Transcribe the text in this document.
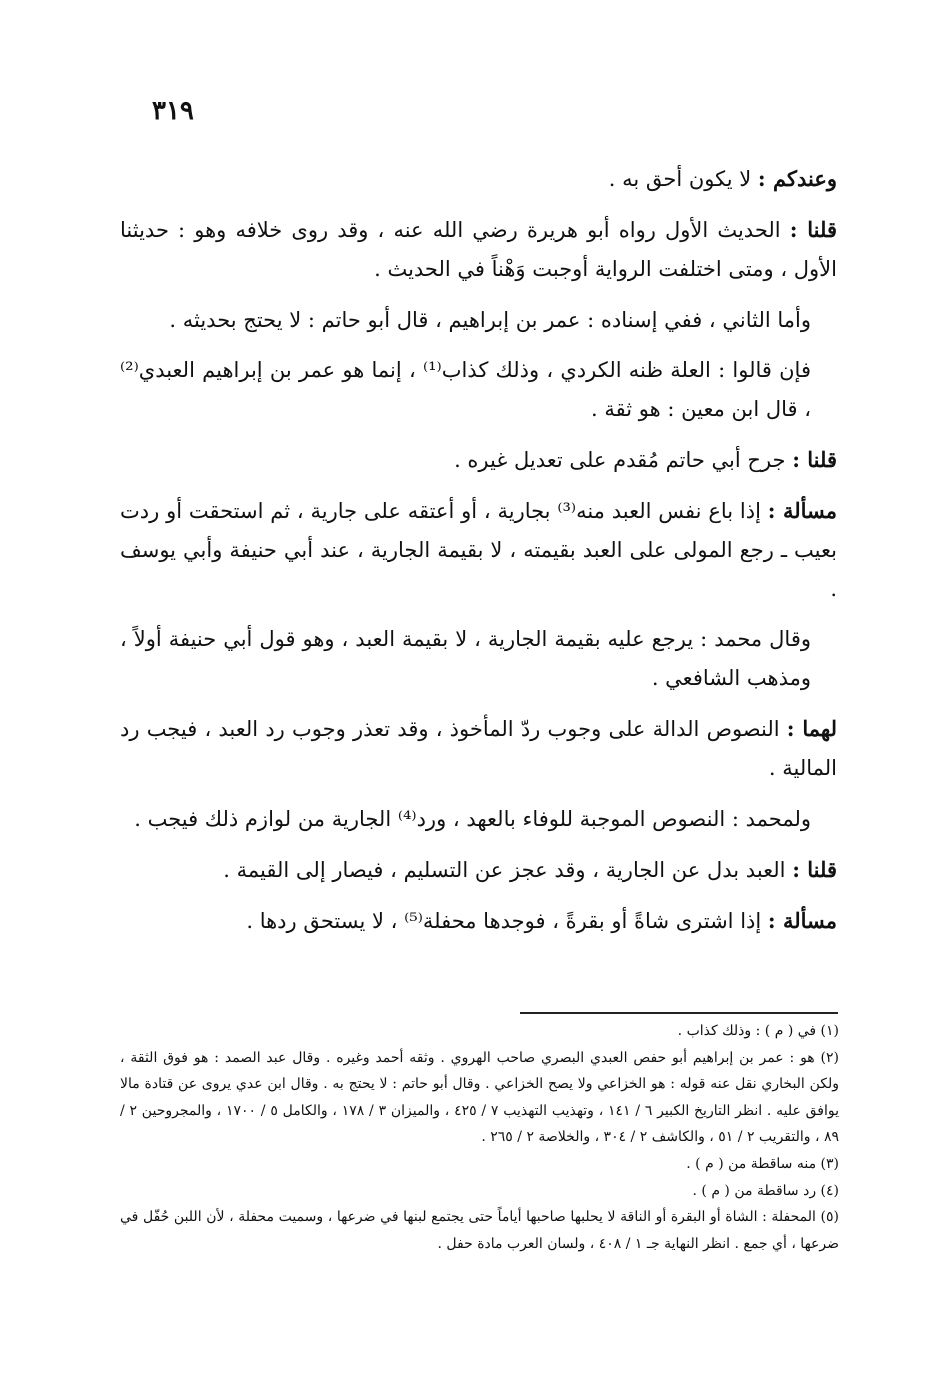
٣١٩

وعندكم : لا يكون أحق به .

قلنا : الحديث الأول رواه أبو هريرة رضي الله عنه ، وقد روى خلافه وهو : حديثنا الأول ، ومتى اختلفت الرواية أوجبت وَهْناً في الحديث .

وأما الثاني ، ففي إسناده : عمر بن إبراهيم ، قال أبو حاتم : لا يحتج بحديثه .

فإن قالوا : العلة ظنه الكردي ، وذلك كذاب⁽¹⁾ ، إنما هو عمر بن إبراهيم العبدي⁽²⁾ ، قال ابن معين : هو ثقة .

قلنا : جرح أبي حاتم مُقدم على تعديل غيره .

مسألة : إذا باع نفس العبد منه⁽³⁾ بجارية ، أو أعتقه على جارية ، ثم استحقت أو ردت بعيب ـ رجع المولى على العبد بقيمته ، لا بقيمة الجارية ، عند أبي حنيفة وأبي يوسف .

وقال محمد : يرجع عليه بقيمة الجارية ، لا بقيمة العبد ، وهو قول أبي حنيفة أولاً ، ومذهب الشافعي .

لهما : النصوص الدالة على وجوب ردّ المأخوذ ، وقد تعذر وجوب رد العبد ، فيجب رد المالية .

ولمحمد : النصوص الموجبة للوفاء بالعهد ، ورد⁽⁴⁾ الجارية من لوازم ذلك فيجب .

قلنا : العبد بدل عن الجارية ، وقد عجز عن التسليم ، فيصار إلى القيمة .

مسألة : إذا اشترى شاةً أو بقرةً ، فوجدها محفلة⁽⁵⁾ ، لا يستحق ردها .

(١) في ( م ) : وذلك كذاب .

(٢) هو : عمر بن إبراهيم أبو حفص العبدي البصري صاحب الهروي . وثقه أحمد وغيره . وقال عبد الصمد : هو فوق الثقة ، ولكن البخاري نقل عنه قوله : هو الخزاعي ولا يصح الخزاعي . وقال أبو حاتم : لا يحتج به . وقال ابن عدي يروى عن قتادة مالا يوافق عليه . انظر التاريخ الكبير ٦ / ١٤١ ، وتهذيب التهذيب ٧ / ٤٢٥ ، والميزان ٣ / ١٧٨ ، والكامل ٥ / ١٧٠٠ ، والمجروحين ٢ / ٨٩ ، والتقريب ٢ / ٥١ ، والكاشف ٢ / ٣٠٤ ، والخلاصة ٢ / ٢٦٥ .

(٣) منه ساقطة من ( م ) .

(٤) رد ساقطة من ( م ) .

(٥) المحفلة : الشاة أو البقرة أو الناقة لا يحلبها صاحبها أياماً حتى يجتمع لبنها في ضرعها ، وسميت محفلة ، لأن اللبن حُفّل في ضرعها ، أي جمع . انظر النهاية جـ ١ / ٤٠٨ ، ولسان العرب مادة حفل .
